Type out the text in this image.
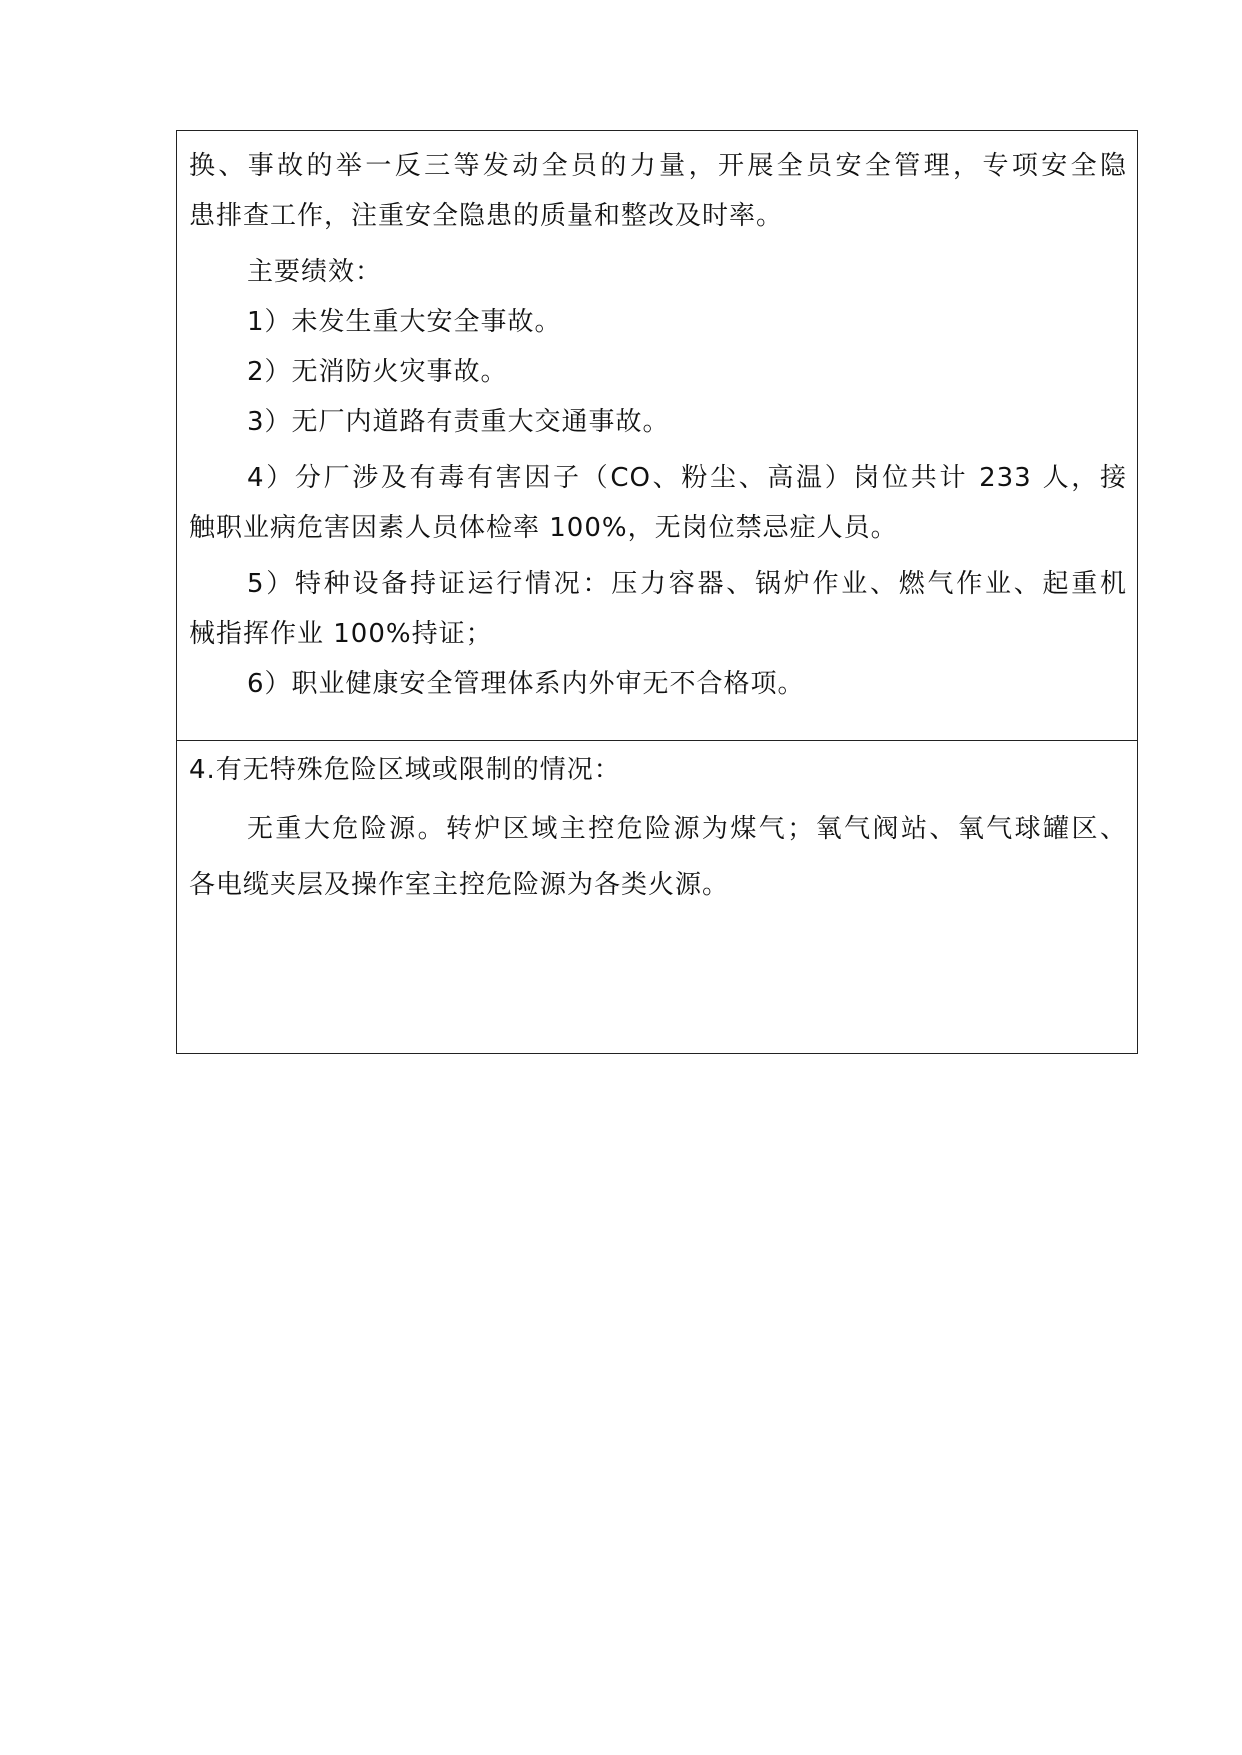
换、事故的举一反三等发动全员的力量，开展全员安全管理，专项安全隐
患排查工作，注重安全隐患的质量和整改及时率。
主要绩效：
1）未发生重大安全事故。
2）无消防火灾事故。
3）无厂内道路有责重大交通事故。
4）分厂涉及有毒有害因子（CO、粉尘、高温）岗位共计 233 人，接
触职业病危害因素人员体检率 100%，无岗位禁忌症人员。
5）特种设备持证运行情况：压力容器、锅炉作业、燃气作业、起重机
械指挥作业 100%持证；
6）职业健康安全管理体系内外审无不合格项。
4.有无特殊危险区域或限制的情况：
无重大危险源。转炉区域主控危险源为煤气；氧气阀站、氧气球罐区、
各电缆夹层及操作室主控危险源为各类火源。
